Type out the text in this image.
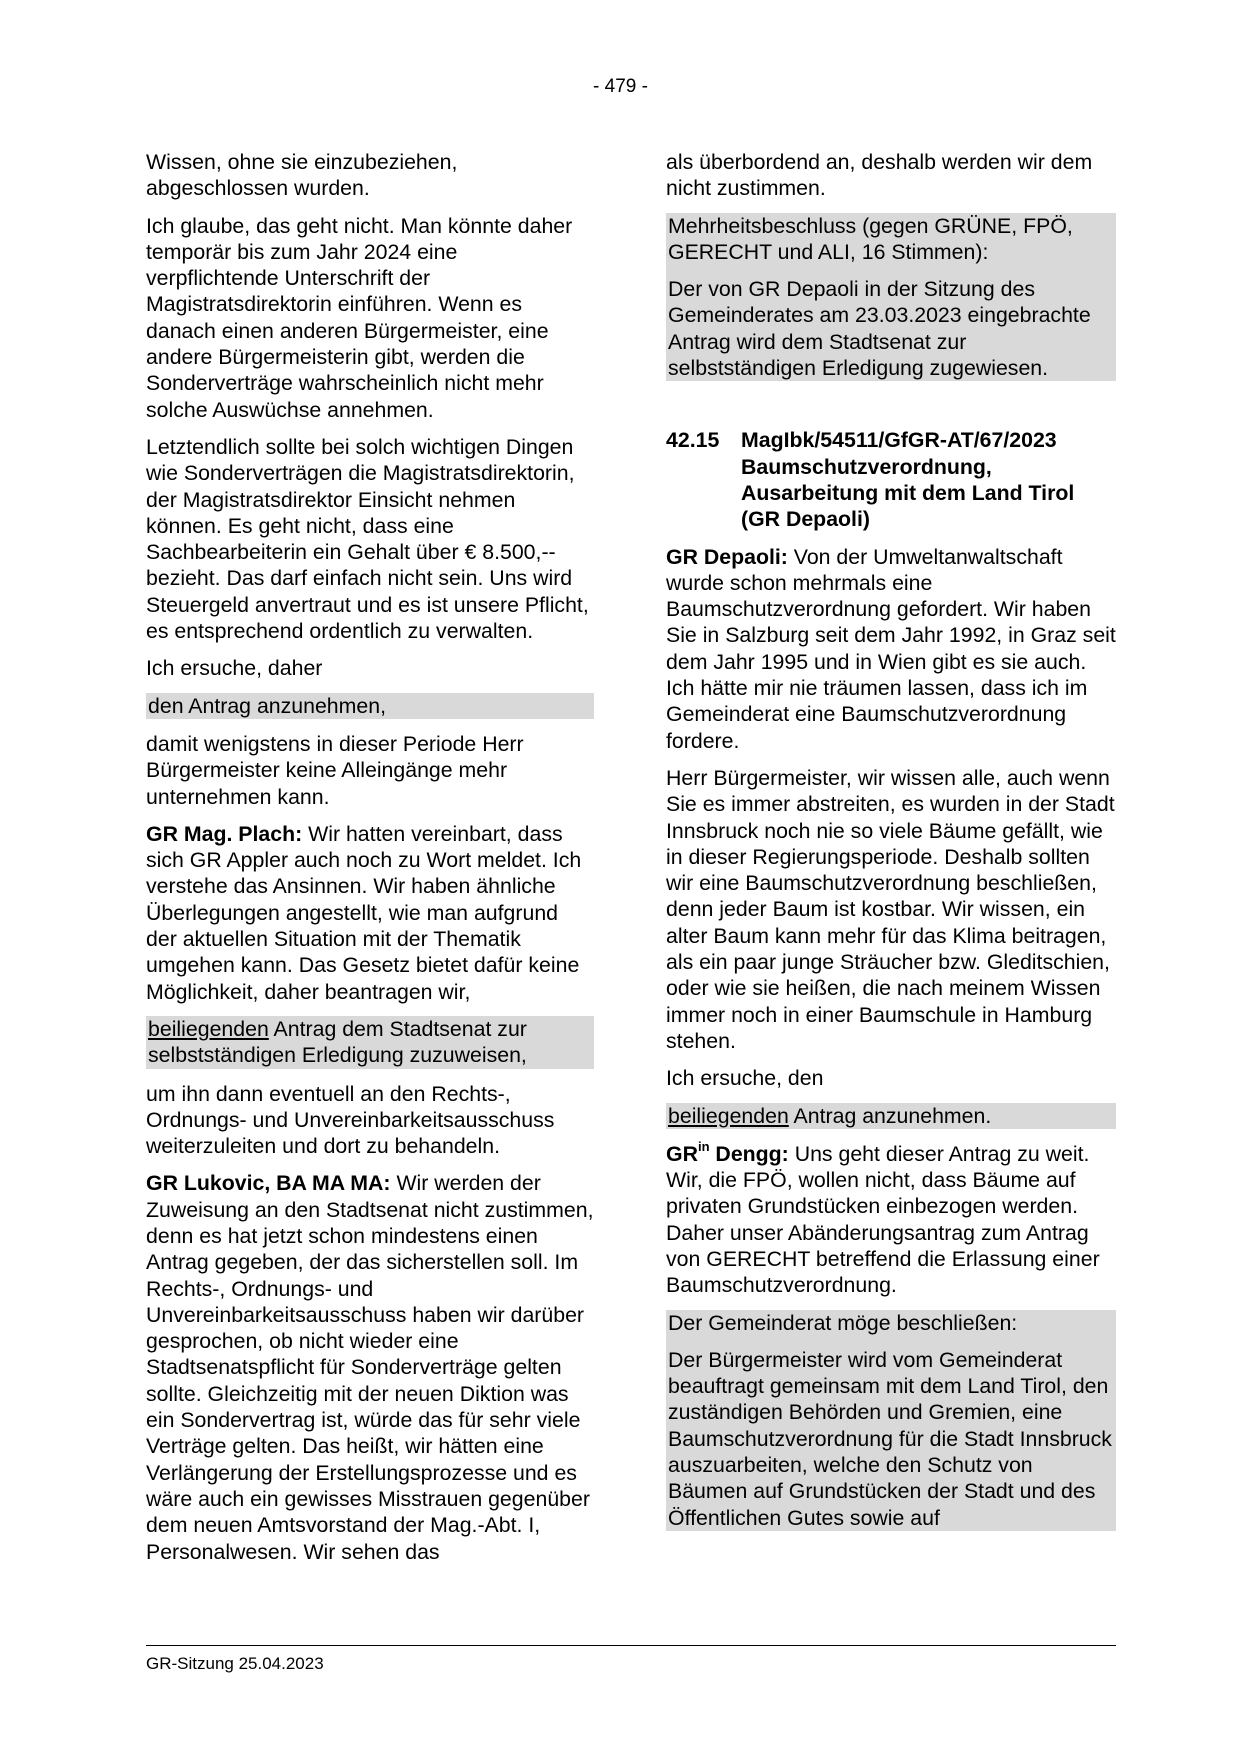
- 479 -

Wissen, ohne sie einzubeziehen, abgeschlossen wurden.

Ich glaube, das geht nicht. Man könnte daher temporär bis zum Jahr 2024 eine verpflichtende Unterschrift der Magistratsdirektorin einführen. Wenn es danach einen anderen Bürgermeister, eine andere Bürgermeisterin gibt, werden die Sonderverträge wahrscheinlich nicht mehr solche Auswüchse annehmen.

Letztendlich sollte bei solch wichtigen Dingen wie Sonderverträgen die Magistratsdirektorin, der Magistratsdirektor Einsicht nehmen können. Es geht nicht, dass eine Sachbearbeiterin ein Gehalt über € 8.500,-- bezieht. Das darf einfach nicht sein. Uns wird Steuergeld anvertraut und es ist unsere Pflicht, es entsprechend ordentlich zu verwalten.

Ich ersuche, daher

den Antrag anzunehmen,

damit wenigstens in dieser Periode Herr Bürgermeister keine Alleingänge mehr unternehmen kann.

GR Mag. Plach: Wir hatten vereinbart, dass sich GR Appler auch noch zu Wort meldet. Ich verstehe das Ansinnen. Wir haben ähnliche Überlegungen angestellt, wie man aufgrund der aktuellen Situation mit der Thematik umgehen kann. Das Gesetz bietet dafür keine Möglichkeit, daher beantragen wir,

beiliegenden Antrag dem Stadtsenat zur selbstständigen Erledigung zuzuweisen,

um ihn dann eventuell an den Rechts-, Ordnungs- und Unvereinbarkeitsausschuss weiterzuleiten und dort zu behandeln.

GR Lukovic, BA MA MA: Wir werden der Zuweisung an den Stadtsenat nicht zustimmen, denn es hat jetzt schon mindestens einen Antrag gegeben, der das sicherstellen soll. Im Rechts-, Ordnungs- und Unvereinbarkeitsausschuss haben wir darüber gesprochen, ob nicht wieder eine Stadtsenatspflicht für Sonderverträge gelten sollte. Gleichzeitig mit der neuen Diktion was ein Sondervertrag ist, würde das für sehr viele Verträge gelten. Das heißt, wir hätten eine Verlängerung der Erstellungsprozesse und es wäre auch ein gewisses Misstrauen gegenüber dem neuen Amtsvorstand der Mag.-Abt. I, Personalwesen. Wir sehen das

als überbordend an, deshalb werden wir dem nicht zustimmen.

Mehrheitsbeschluss (gegen GRÜNE, FPÖ, GERECHT und ALI, 16 Stimmen):

Der von GR Depaoli in der Sitzung des Gemeinderates am 23.03.2023 eingebrachte Antrag wird dem Stadtsenat zur selbstständigen Erledigung zugewiesen.

42.15	MagIbk/54511/GfGR-AT/67/2023
Baumschutzverordnung, Ausarbeitung mit dem Land Tirol
(GR Depaoli)

GR Depaoli: Von der Umweltanwaltschaft wurde schon mehrmals eine Baumschutzverordnung gefordert. Wir haben Sie in Salzburg seit dem Jahr 1992, in Graz seit dem Jahr 1995 und in Wien gibt es sie auch. Ich hätte mir nie träumen lassen, dass ich im Gemeinderat eine Baumschutzverordnung fordere.

Herr Bürgermeister, wir wissen alle, auch wenn Sie es immer abstreiten, es wurden in der Stadt Innsbruck noch nie so viele Bäume gefällt, wie in dieser Regierungsperiode. Deshalb sollten wir eine Baumschutzverordnung beschließen, denn jeder Baum ist kostbar. Wir wissen, ein alter Baum kann mehr für das Klima beitragen, als ein paar junge Sträucher bzw. Gleditschien, oder wie sie heißen, die nach meinem Wissen immer noch in einer Baumschule in Hamburg stehen.

Ich ersuche, den

beiliegenden Antrag anzunehmen.

$GR^{in}$ Dengg: Uns geht dieser Antrag zu weit. Wir, die FPÖ, wollen nicht, dass Bäume auf privaten Grundstücken einbezogen werden. Daher unser Abänderungsantrag zum Antrag von GERECHT betreffend die Erlassung einer Baumschutzverordnung.

Der Gemeinderat möge beschließen:

Der Bürgermeister wird vom Gemeinderat beauftragt gemeinsam mit dem Land Tirol, den zuständigen Behörden und Gremien, eine Baumschutzverordnung für die Stadt Innsbruck auszuarbeiten, welche den Schutz von Bäumen auf Grundstücken der Stadt und des Öffentlichen Gutes sowie auf

GR-Sitzung 25.04.2023
